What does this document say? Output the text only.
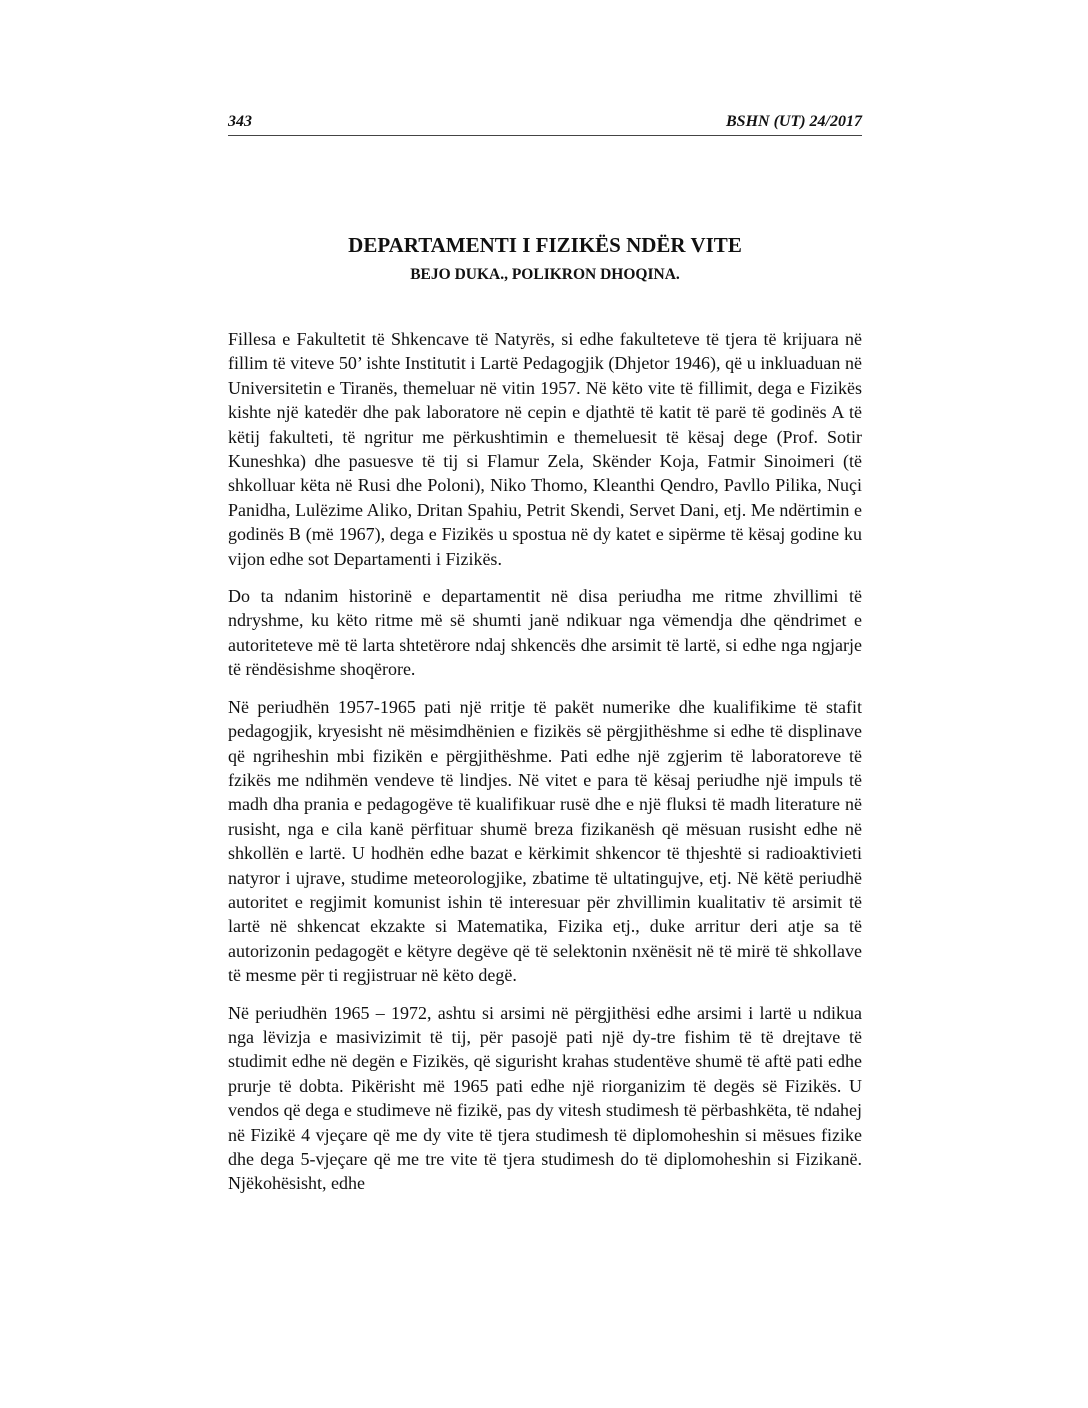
343	BSHN (UT) 24/2017
DEPARTAMENTI I FIZIKËS NDËR VITE
BEJO DUKA., POLIKRON DHOQINA.

Fillesa e Fakultetit të Shkencave të Natyrës, si edhe fakulteteve të tjera të krijuara në fillim të viteve 50’ ishte Institutit i Lartë Pedagogjik (Dhjetor 1946), që u inkluaduan në Universitetin e Tiranës, themeluar në vitin 1957. Në këto vite të fillimit, dega e Fizikës kishte një katedër dhe pak laboratore në cepin e djathtë të katit të parë të godinës A të këtij fakulteti, të ngritur me përkushtimin e themeluesit të kësaj dege (Prof. Sotir Kuneshka) dhe pasuesve të tij si Flamur Zela, Skënder Koja, Fatmir Sinoimeri (të shkolluar këta në Rusi dhe Poloni), Niko Thomo, Kleanthi Qendro, Pavllo Pilika, Nuçi Panidha, Lulëzime Aliko, Dritan Spahiu, Petrit Skendi, Servet Dani, etj. Me ndërtimin e godinës B (më 1967), dega e Fizikës u spostua në dy katet e sipërme të kësaj godine ku vijon edhe sot Departamenti i Fizikës.

Do ta ndanim historinë e departamentit në disa periudha me ritme zhvillimi të ndryshme, ku këto ritme më së shumti janë ndikuar nga vëmendja dhe qëndrimet e autoriteteve më të larta shtetërore ndaj shkencës dhe arsimit të lartë, si edhe nga ngjarje të rëndësishme shoqërore.

Në periudhën 1957-1965 pati një rritje të pakët numerike dhe kualifikime të stafit pedagogjik, kryesisht në mësimdhënien e fizikës së përgjithëshme si edhe të displinave që ngriheshin mbi fizikën e përgjithëshme. Pati edhe një zgjerim të laboratoreve të fzikës me ndihmën vendeve të lindjes. Në vitet e para të kësaj periudhe një impuls të madh dha prania e pedagogëve të kualifikuar rusë dhe e një fluksi të madh literature në rusisht, nga e cila kanë përfituar shumë breza fizikanësh që mësuan rusisht edhe në shkollën e lartë. U hodhën edhe bazat e kërkimit shkencor të thjeshtë si radioaktivieti natyror i ujrave, studime meteorologjike, zbatime të ultatingujve, etj. Në këtë periudhë autoritet e regjimit komunist ishin të interesuar për zhvillimin kualitativ të arsimit të lartë në shkencat ekzakte si Matematika, Fizika etj., duke arritur deri atje sa të autorizonin pedagogët e këtyre degëve që të selektonin nxënësit në të mirë të shkollave të mesme për ti regjistruar në këto degë.

Në periudhën 1965 – 1972, ashtu si arsimi në përgjithësi edhe arsimi i lartë u ndikua nga lëvizja e masivizimit të tij, për pasojë pati një dy-tre fishim të të drejtave të studimit edhe në degën e Fizikës, që sigurisht krahas studentëve shumë të aftë pati edhe prurje të dobta. Pikërisht më 1965 pati edhe një riorganizim të degës së Fizikës. U vendos që dega e studimeve në fizikë, pas dy vitesh studimesh të përbashkëta, të ndahej në Fizikë 4 vjeçare që me dy vite të tjera studimesh të diplomoheshin si mësues fizike dhe dega 5-vjeçare që me tre vite të tjera studimesh do të diplomoheshin si Fizikanë. Njëkohësisht, edhe
